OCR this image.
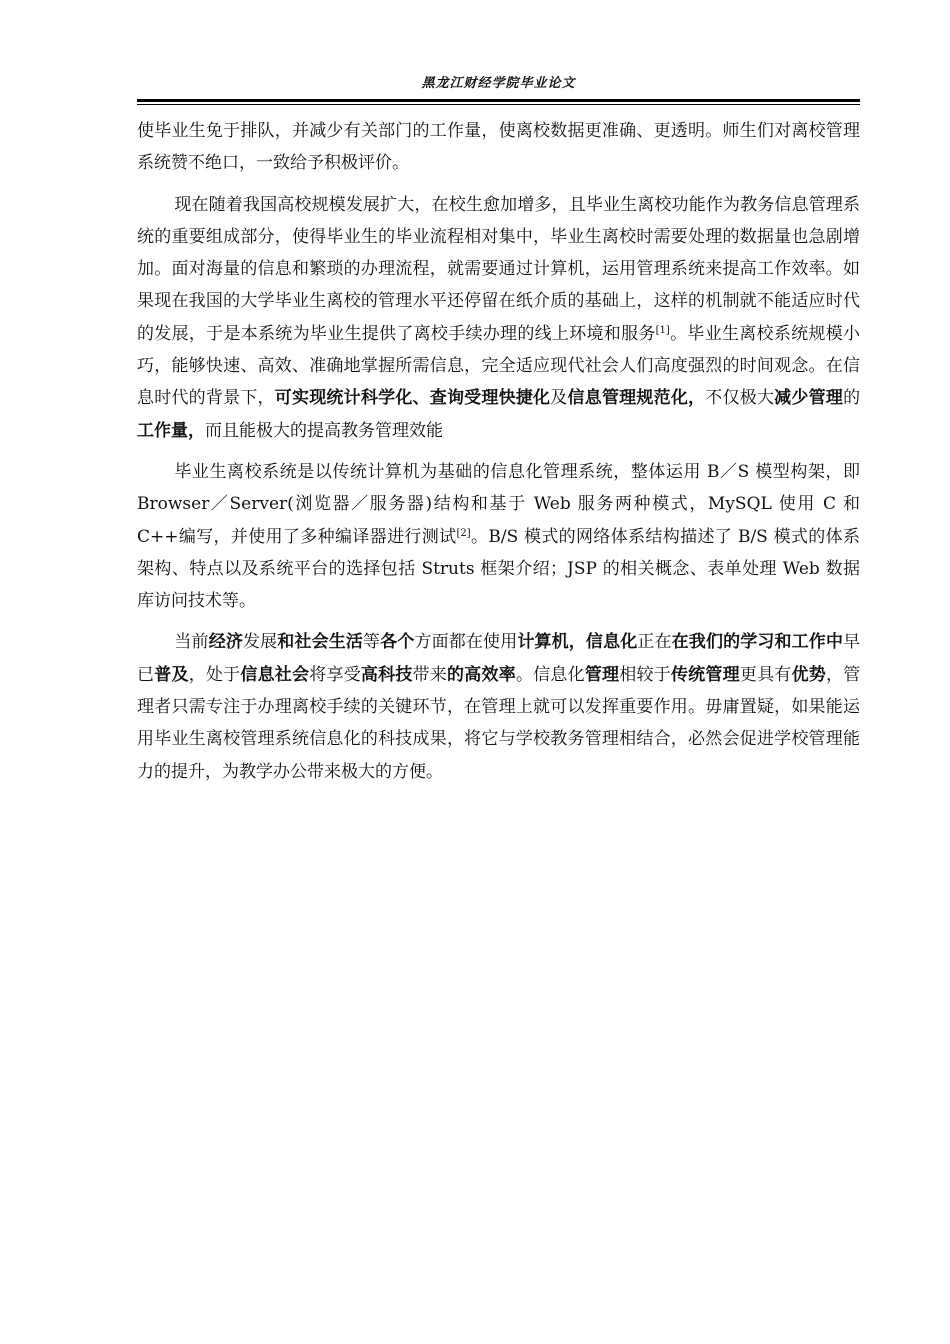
黑龙江财经学院毕业论文

使毕业生免于排队，并减少有关部门的工作量，使离校数据更准确、更透明。师生们对离校管理系统赞不绝口，一致给予积极评价。

现在随着我国高校规模发展扩大，在校生愈加增多，且毕业生离校功能作为教务信息管理系统的重要组成部分，使得毕业生的毕业流程相对集中，毕业生离校时需要处理的数据量也急剧增加。面对海量的信息和繁琐的办理流程，就需要通过计算机，运用管理系统来提高工作效率。如果现在我国的大学毕业生离校的管理水平还停留在纸介质的基础上，这样的机制就不能适应时代的发展，于是本系统为毕业生提供了离校手续办理的线上环境和服务[1]。毕业生离校系统规模小巧，能够快速、高效、准确地掌握所需信息，完全适应现代社会人们高度强烈的时间观念。在信息时代的背景下，可实现统计科学化、查询受理快捷化及信息管理规范化，不仅极大减少管理的工作量，而且能极大的提高教务管理效能

毕业生离校系统是以传统计算机为基础的信息化管理系统，整体运用 B／S 模型构架，即 Browser／Server(浏览器／服务器)结构和基于 Web 服务两种模式，MySQL 使用 C 和 C++编写，并使用了多种编译器进行测试[2]。B/S 模式的网络体系结构描述了 B/S 模式的体系架构、特点以及系统平台的选择包括 Struts 框架介绍；JSP 的相关概念、表单处理 Web 数据库访问技术等。

当前经济发展和社会生活等各个方面都在使用计算机，信息化正在在我们的学习和工作中早已普及，处于信息社会将享受高科技带来的高效率。信息化管理相较于传统管理更具有优势，管理者只需专注于办理离校手续的关键环节，在管理上就可以发挥重要作用。毋庸置疑，如果能运用毕业生离校管理系统信息化的科技成果，将它与学校教务管理相结合，必然会促进学校管理能力的提升，为教学办公带来极大的方便。
